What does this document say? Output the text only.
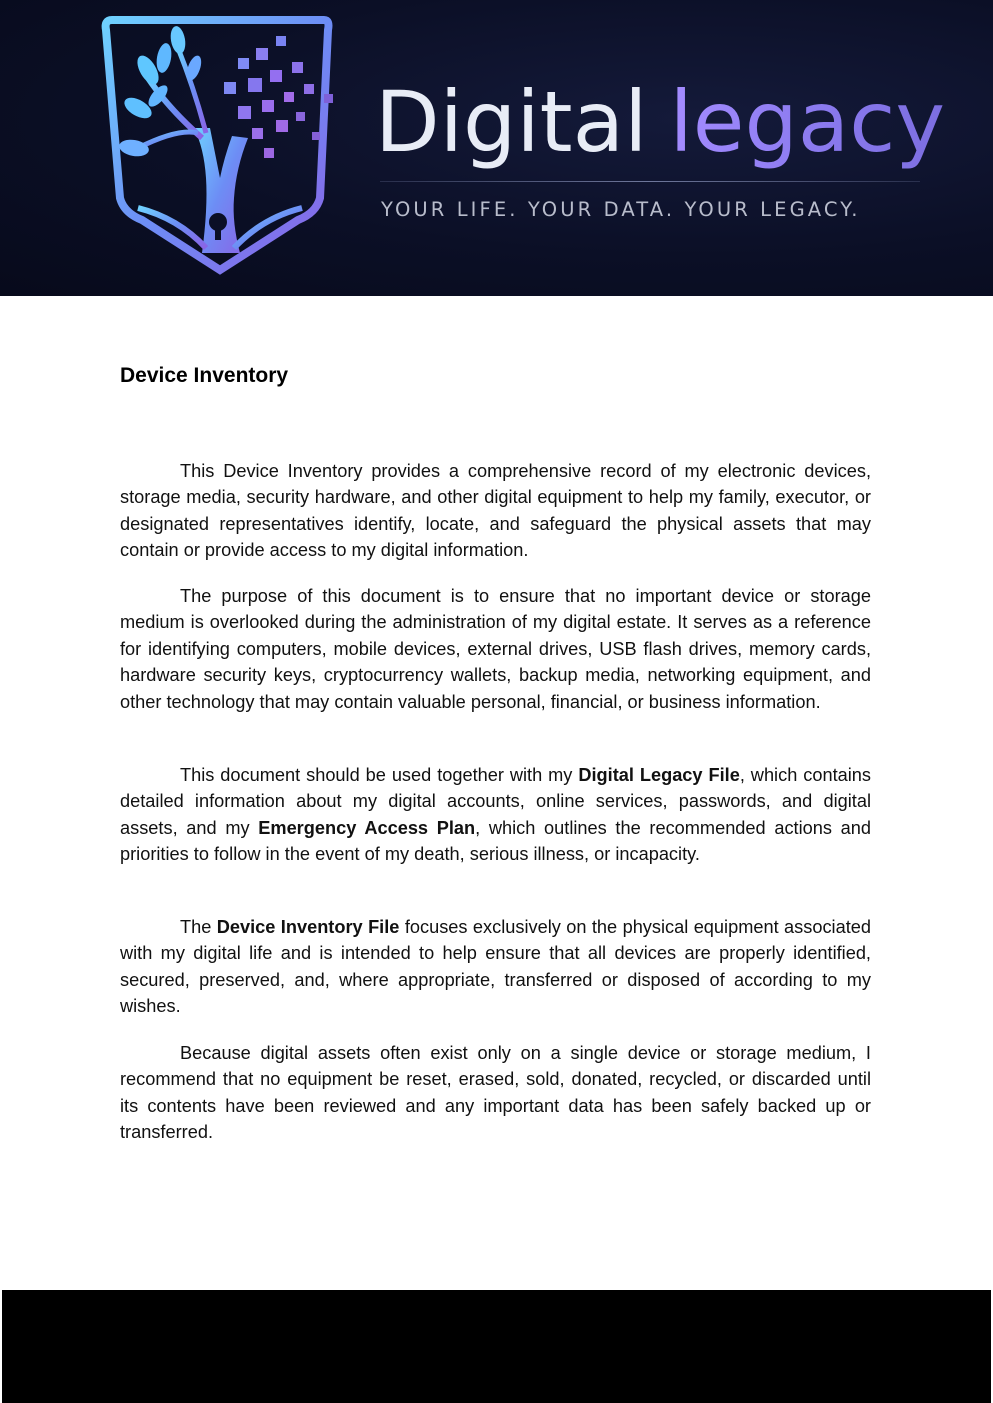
Digital legacy
YOUR LIFE. YOUR DATA. YOUR LEGACY.
Device Inventory

This Device Inventory provides a comprehensive record of my electronic devices, storage media, security hardware, and other digital equipment to help my family, executor, or designated representatives identify, locate, and safeguard the physical assets that may contain or provide access to my digital information.

The purpose of this document is to ensure that no important device or storage medium is overlooked during the administration of my digital estate. It serves as a reference for identifying computers, mobile devices, external drives, USB flash drives, memory cards, hardware security keys, cryptocurrency wallets, backup media, networking equipment, and other technology that may contain valuable personal, financial, or business information.

This document should be used together with my Digital Legacy File, which contains detailed information about my digital accounts, online services, passwords, and digital assets, and my Emergency Access Plan, which outlines the recommended actions and priorities to follow in the event of my death, serious illness, or incapacity.

The Device Inventory File focuses exclusively on the physical equipment associated with my digital life and is intended to help ensure that all devices are properly identified, secured, preserved, and, where appropriate, transferred or disposed of according to my wishes.

Because digital assets often exist only on a single device or storage medium, I recommend that no equipment be reset, erased, sold, donated, recycled, or discarded until its contents have been reviewed and any important data has been safely backed up or transferred.
